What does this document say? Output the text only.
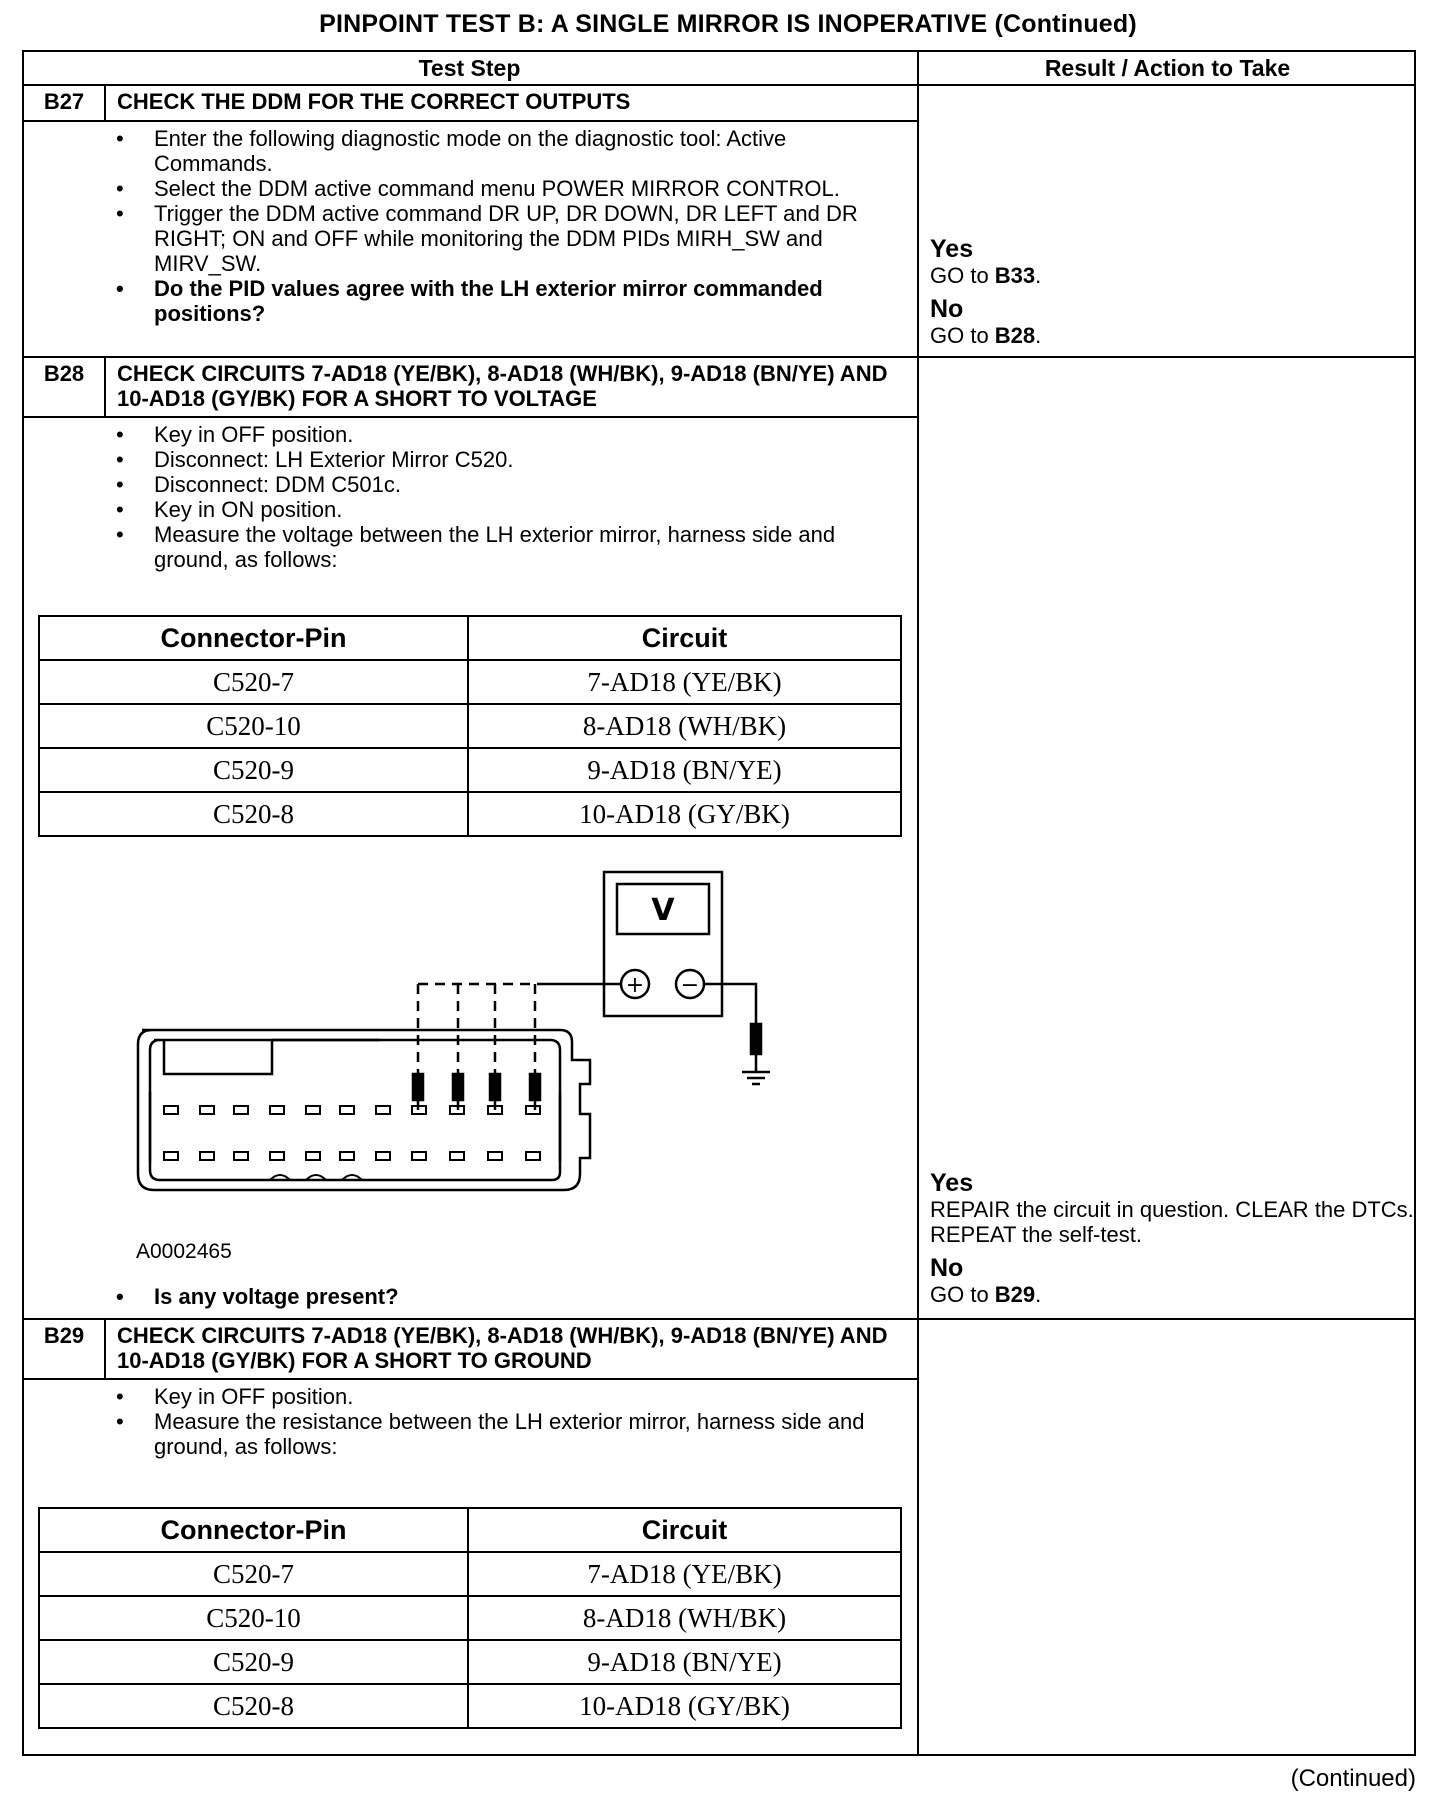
PINPOINT TEST B: A SINGLE MIRROR IS INOPERATIVE (Continued)
Test Step	Result / Action to Take
B27	CHECK THE DDM FOR THE CORRECT OUTPUTS
• Enter the following diagnostic mode on the diagnostic tool: Active Commands.
• Select the DDM active command menu POWER MIRROR CONTROL.
• Trigger the DDM active command DR UP, DR DOWN, DR LEFT and DR RIGHT; ON and OFF while monitoring the DDM PIDs MIRH_SW and MIRV_SW.
• Do the PID values agree with the LH exterior mirror commanded positions?
Yes
GO to B33.
No
GO to B28.
B28	CHECK CIRCUITS 7-AD18 (YE/BK), 8-AD18 (WH/BK), 9-AD18 (BN/YE) AND 10-AD18 (GY/BK) FOR A SHORT TO VOLTAGE
• Key in OFF position.
• Disconnect: LH Exterior Mirror C520.
• Disconnect: DDM C501c.
• Key in ON position.
• Measure the voltage between the LH exterior mirror, harness side and ground, as follows:
Connector-Pin	Circuit
C520-7	7-AD18 (YE/BK)
C520-10	8-AD18 (WH/BK)
C520-9	9-AD18 (BN/YE)
C520-8	10-AD18 (GY/BK)
V
+ −
A0002465
• Is any voltage present?
Yes
REPAIR the circuit in question. CLEAR the DTCs. REPEAT the self-test.
No
GO to B29.
B29	CHECK CIRCUITS 7-AD18 (YE/BK), 8-AD18 (WH/BK), 9-AD18 (BN/YE) AND 10-AD18 (GY/BK) FOR A SHORT TO GROUND
• Key in OFF position.
• Measure the resistance between the LH exterior mirror, harness side and ground, as follows:
Connector-Pin	Circuit
C520-7	7-AD18 (YE/BK)
C520-10	8-AD18 (WH/BK)
C520-9	9-AD18 (BN/YE)
C520-8	10-AD18 (GY/BK)
(Continued)
